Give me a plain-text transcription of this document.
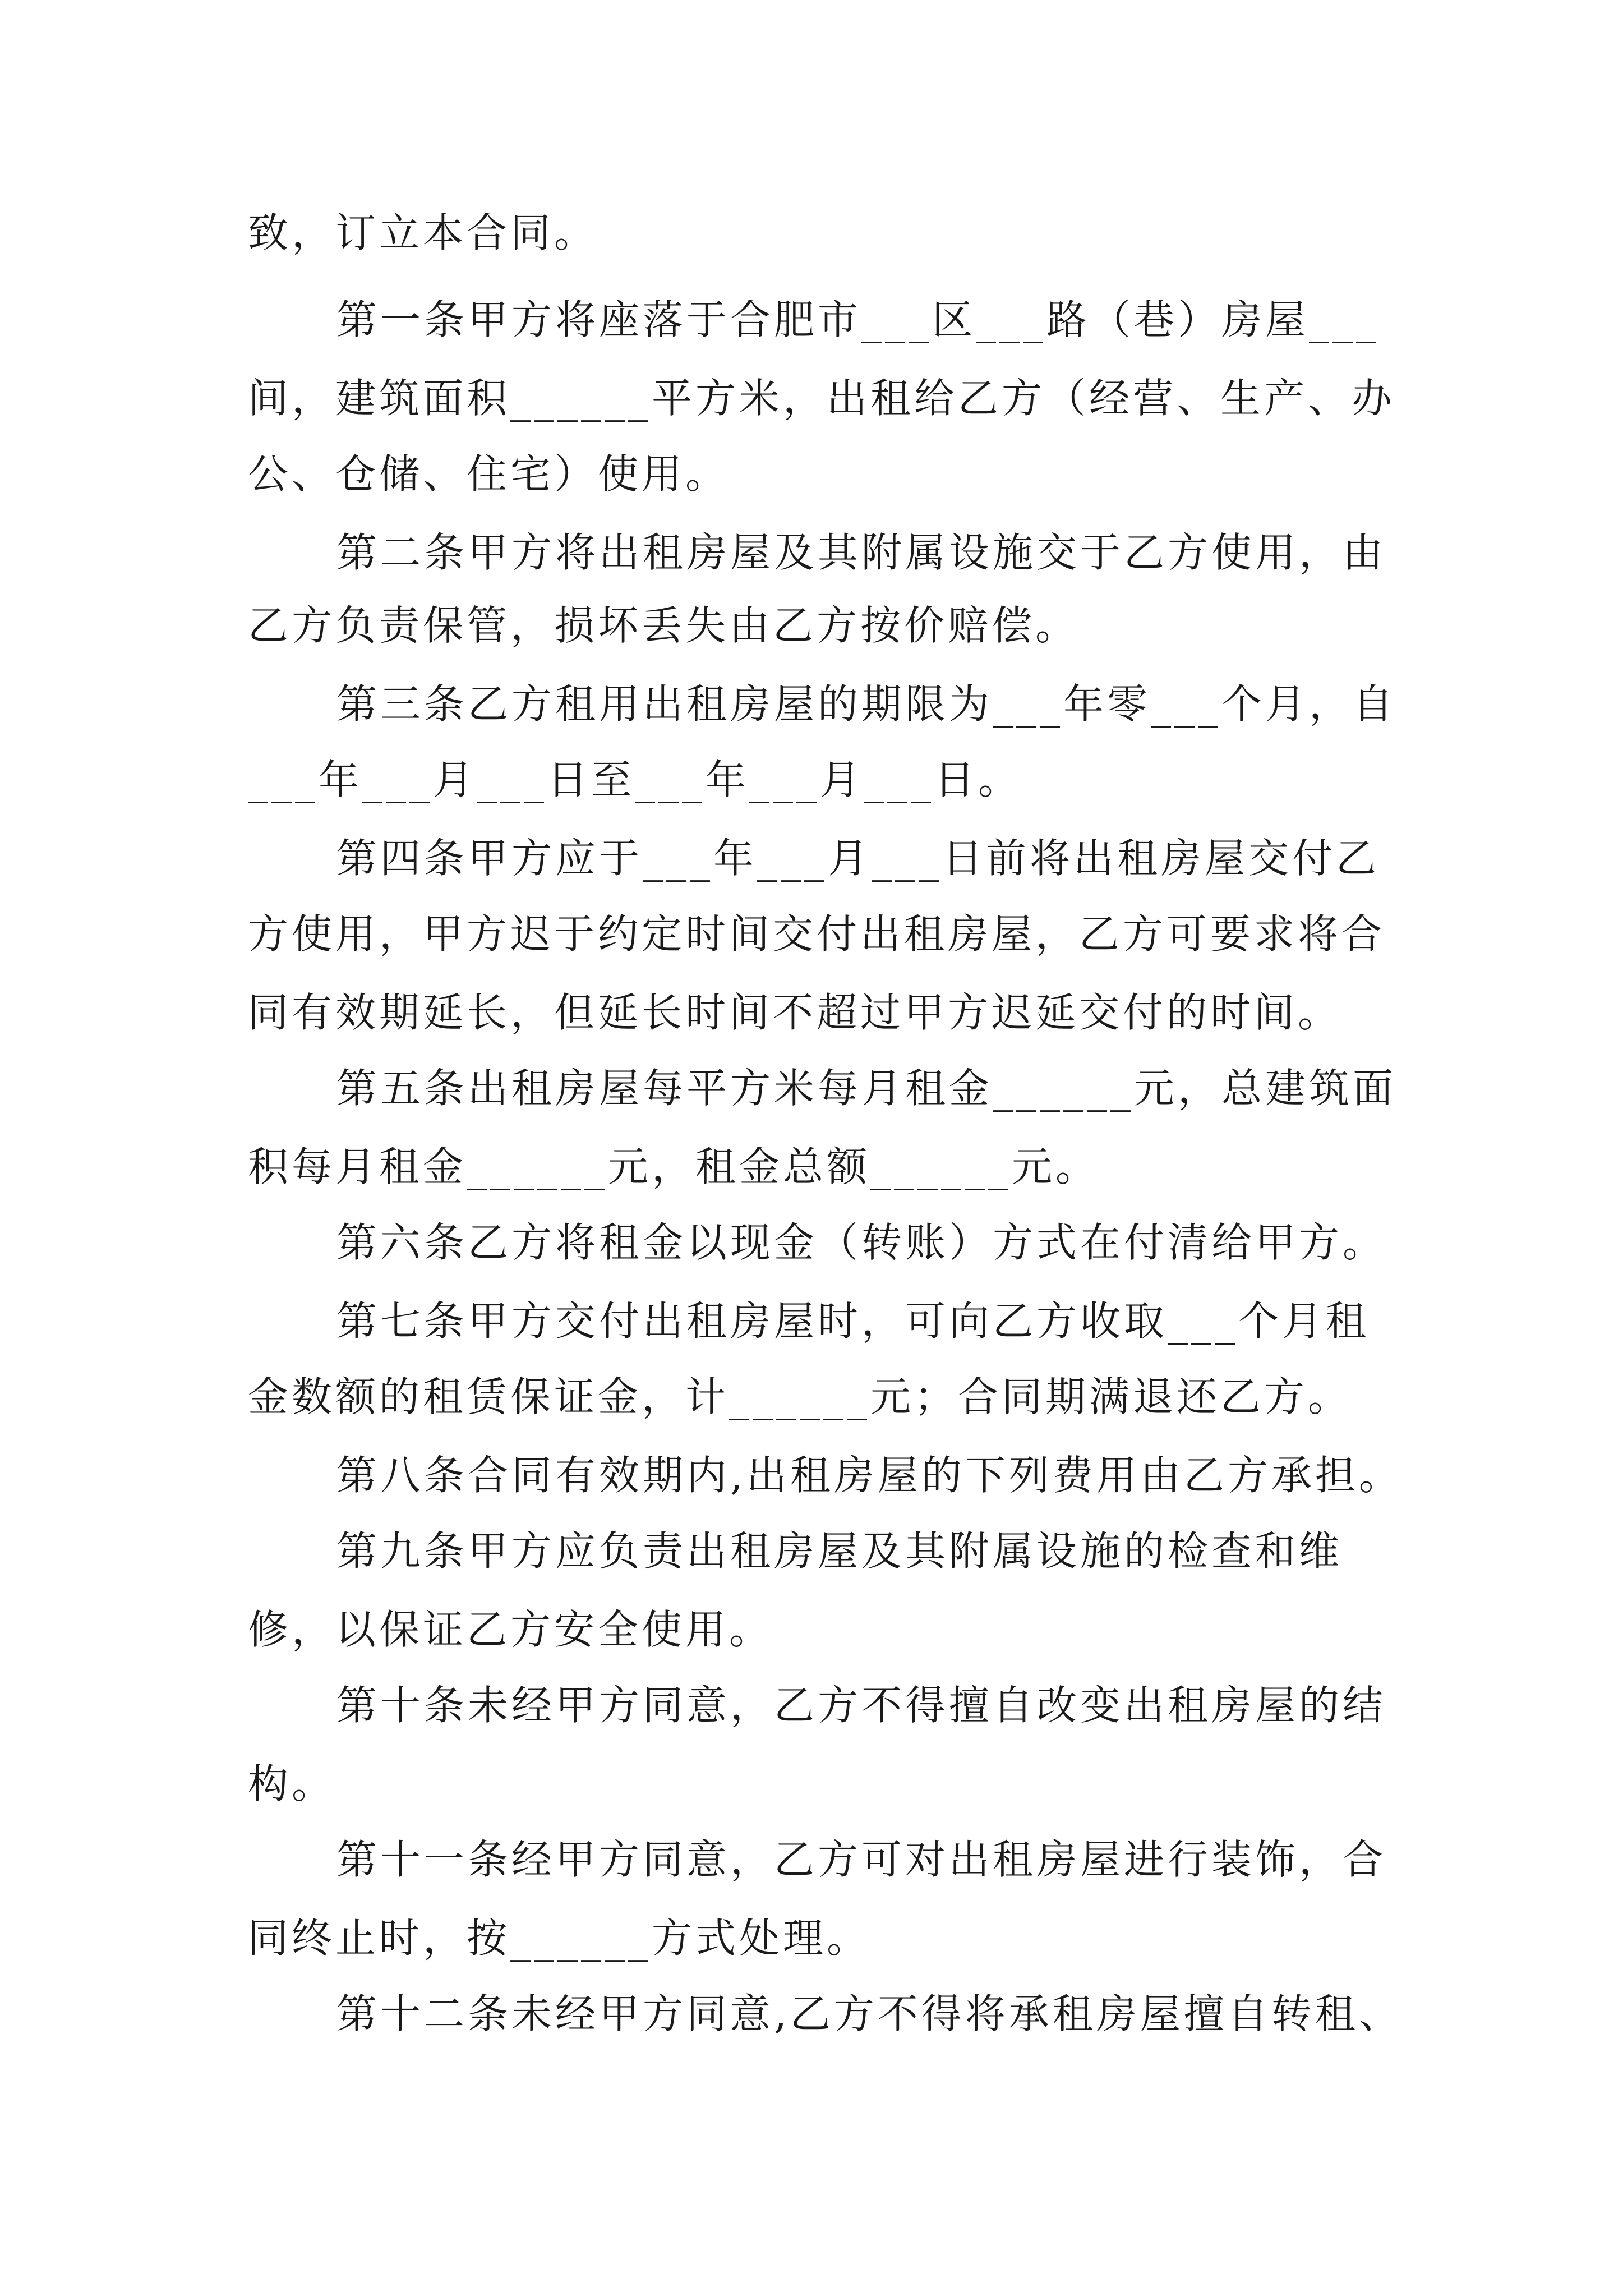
致，订立本合同。
第一条甲方将座落于合肥市___区___路（巷）房屋___
间，建筑面积______平方米，出租给乙方（经营、生产、办
公、仓储、住宅）使用。
第二条甲方将出租房屋及其附属设施交于乙方使用，由
乙方负责保管，损坏丢失由乙方按价赔偿。
第三条乙方租用出租房屋的期限为___年零___个月，自
___年___月___日至___年___月___日。
第四条甲方应于___年___月___日前将出租房屋交付乙
方使用，甲方迟于约定时间交付出租房屋，乙方可要求将合
同有效期延长，但延长时间不超过甲方迟延交付的时间。
第五条出租房屋每平方米每月租金______元，总建筑面
积每月租金______元，租金总额______元。
第六条乙方将租金以现金（转账）方式在付清给甲方。
第七条甲方交付出租房屋时，可向乙方收取___个月租
金数额的租赁保证金，计______元；合同期满退还乙方。
第八条合同有效期内,出租房屋的下列费用由乙方承担。
第九条甲方应负责出租房屋及其附属设施的检查和维
修，以保证乙方安全使用。
第十条未经甲方同意，乙方不得擅自改变出租房屋的结
构。
第十一条经甲方同意，乙方可对出租房屋进行装饰，合
同终止时，按______方式处理。
第十二条未经甲方同意,乙方不得将承租房屋擅自转租、
